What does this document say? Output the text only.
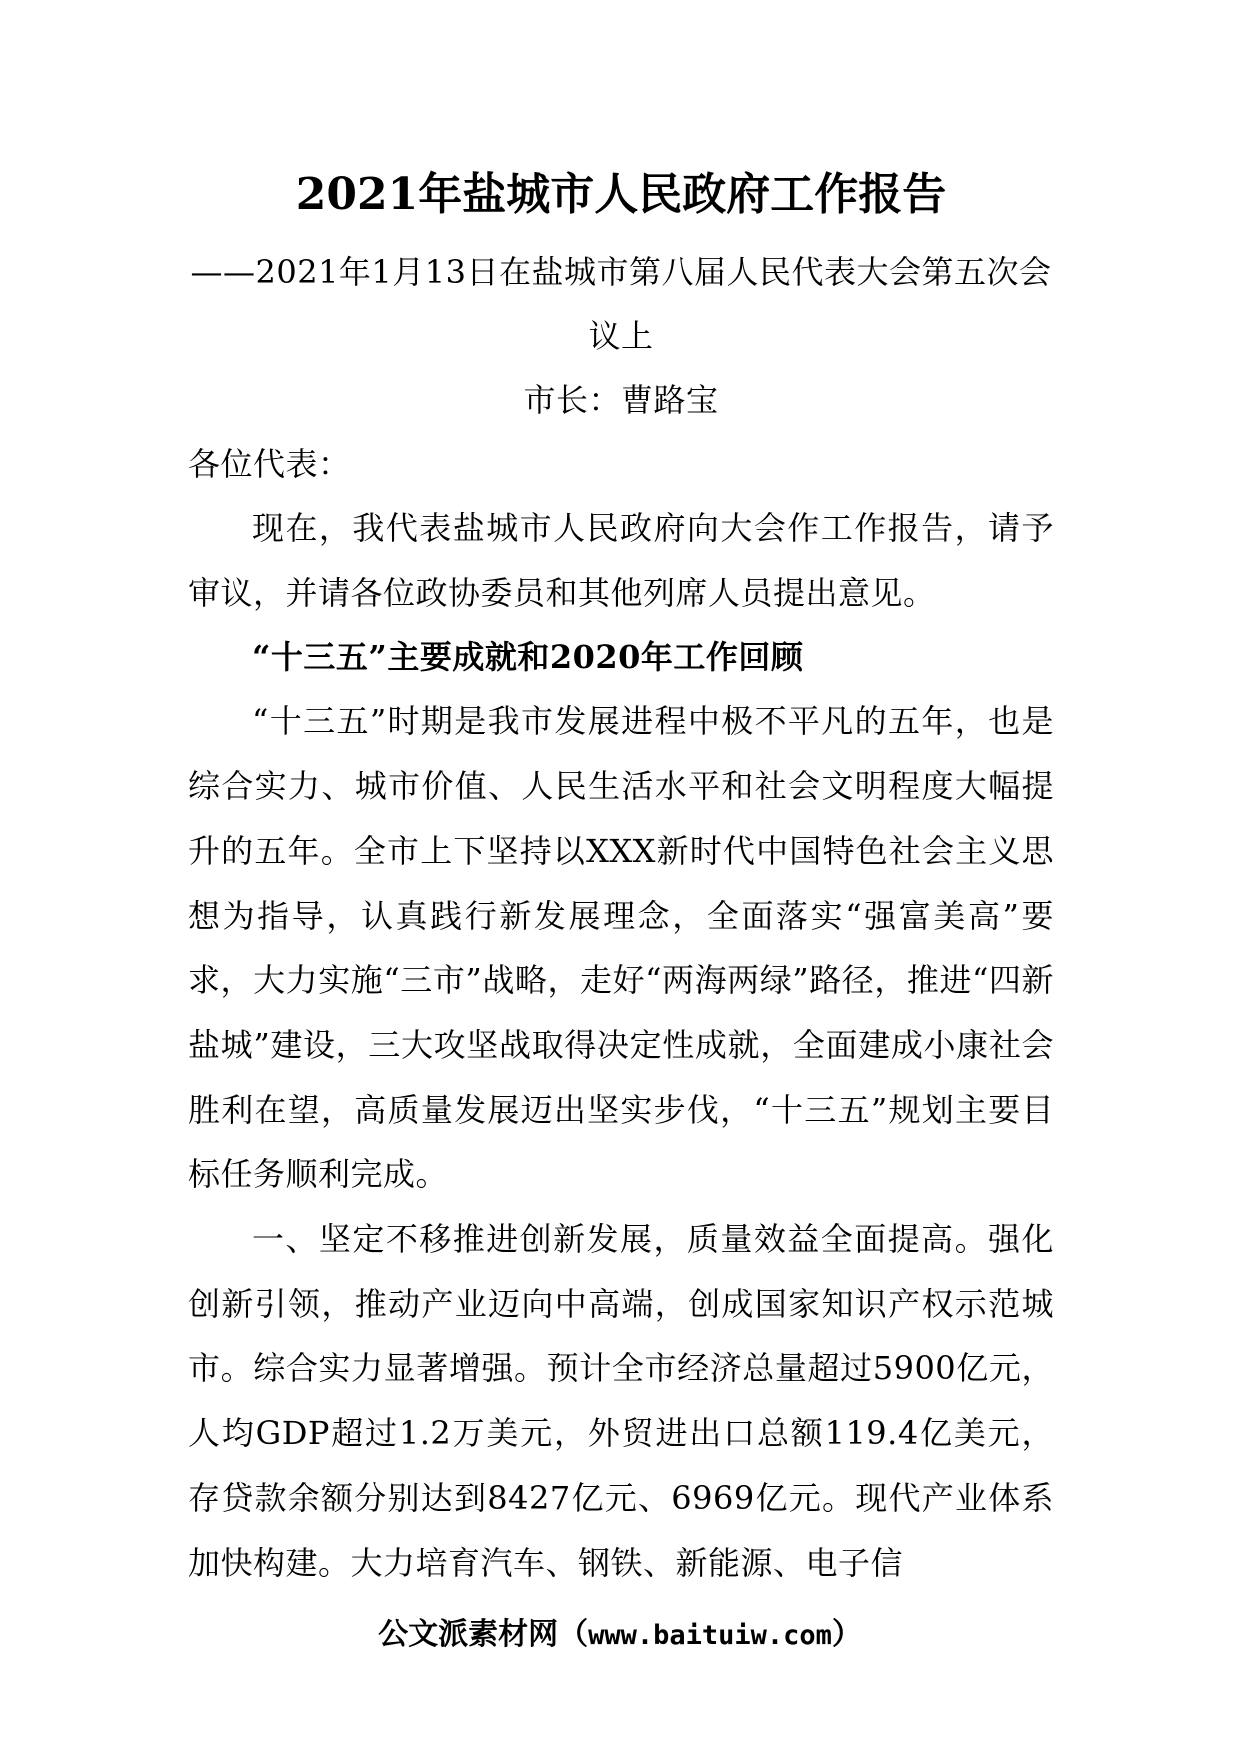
2021年盐城市人民政府工作报告

——2021年1月13日在盐城市第八届人民代表大会第五次会议上

市长：曹路宝

各位代表：

现在，我代表盐城市人民政府向大会作工作报告，请予审议，并请各位政协委员和其他列席人员提出意见。

“十三五”主要成就和2020年工作回顾

“十三五”时期是我市发展进程中极不平凡的五年，也是综合实力、城市价值、人民生活水平和社会文明程度大幅提升的五年。全市上下坚持以XXX新时代中国特色社会主义思想为指导，认真践行新发展理念，全面落实“强富美高”要求，大力实施“三市”战略，走好“两海两绿”路径，推进“四新盐城”建设，三大攻坚战取得决定性成就，全面建成小康社会胜利在望，高质量发展迈出坚实步伐，“十三五”规划主要目标任务顺利完成。

一、坚定不移推进创新发展，质量效益全面提高。强化创新引领，推动产业迈向中高端，创成国家知识产权示范城市。综合实力显著增强。预计全市经济总量超过5900亿元，人均GDP超过1.2万美元，外贸进出口总额119.4亿美元，存贷款余额分别达到8427亿元、6969亿元。现代产业体系加快构建。大力培育汽车、钢铁、新能源、电子信

公文派素材网（www.baituiw.com）
